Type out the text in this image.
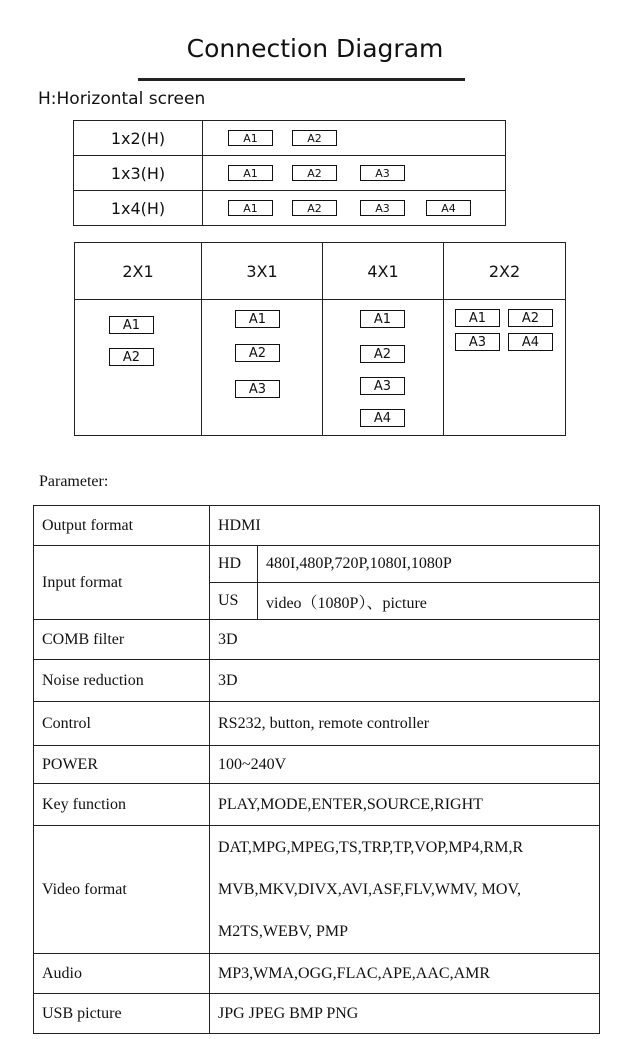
Connection Diagram
H:Horizontal screen
1x2(H)	A1 A2

1x3(H)	A1 A2 A3

1x4(H)	A1 A2 A3 A4
2X1	3X1	4X1	2X2

A1
A2	A1
A2
A3	A1
A2
A3
A4	A1 A2
A3 A4
Parameter:
Output format	HDMI	
Input format	HD	480I,480P,720P,1080I,1080P
	US	video（1080P）、picture
COMB filter	3D	
Noise reduction	3D	
Control	RS232, button, remote controller	
POWER	100~240V	
Key function	PLAY,MODE,ENTER,SOURCE,RIGHT	
Video format	DAT,MPG,MPEG,TS,TRP,TP,VOP,MP4,RM,R
MVB,MKV,DIVX,AVI,ASF,FLV,WMV, MOV,
M2TS,WEBV, PMP	

Audio	MP3,WMA,OGG,FLAC,APE,AAC,AMR	
USB picture	JPG JPEG BMP PNG	
